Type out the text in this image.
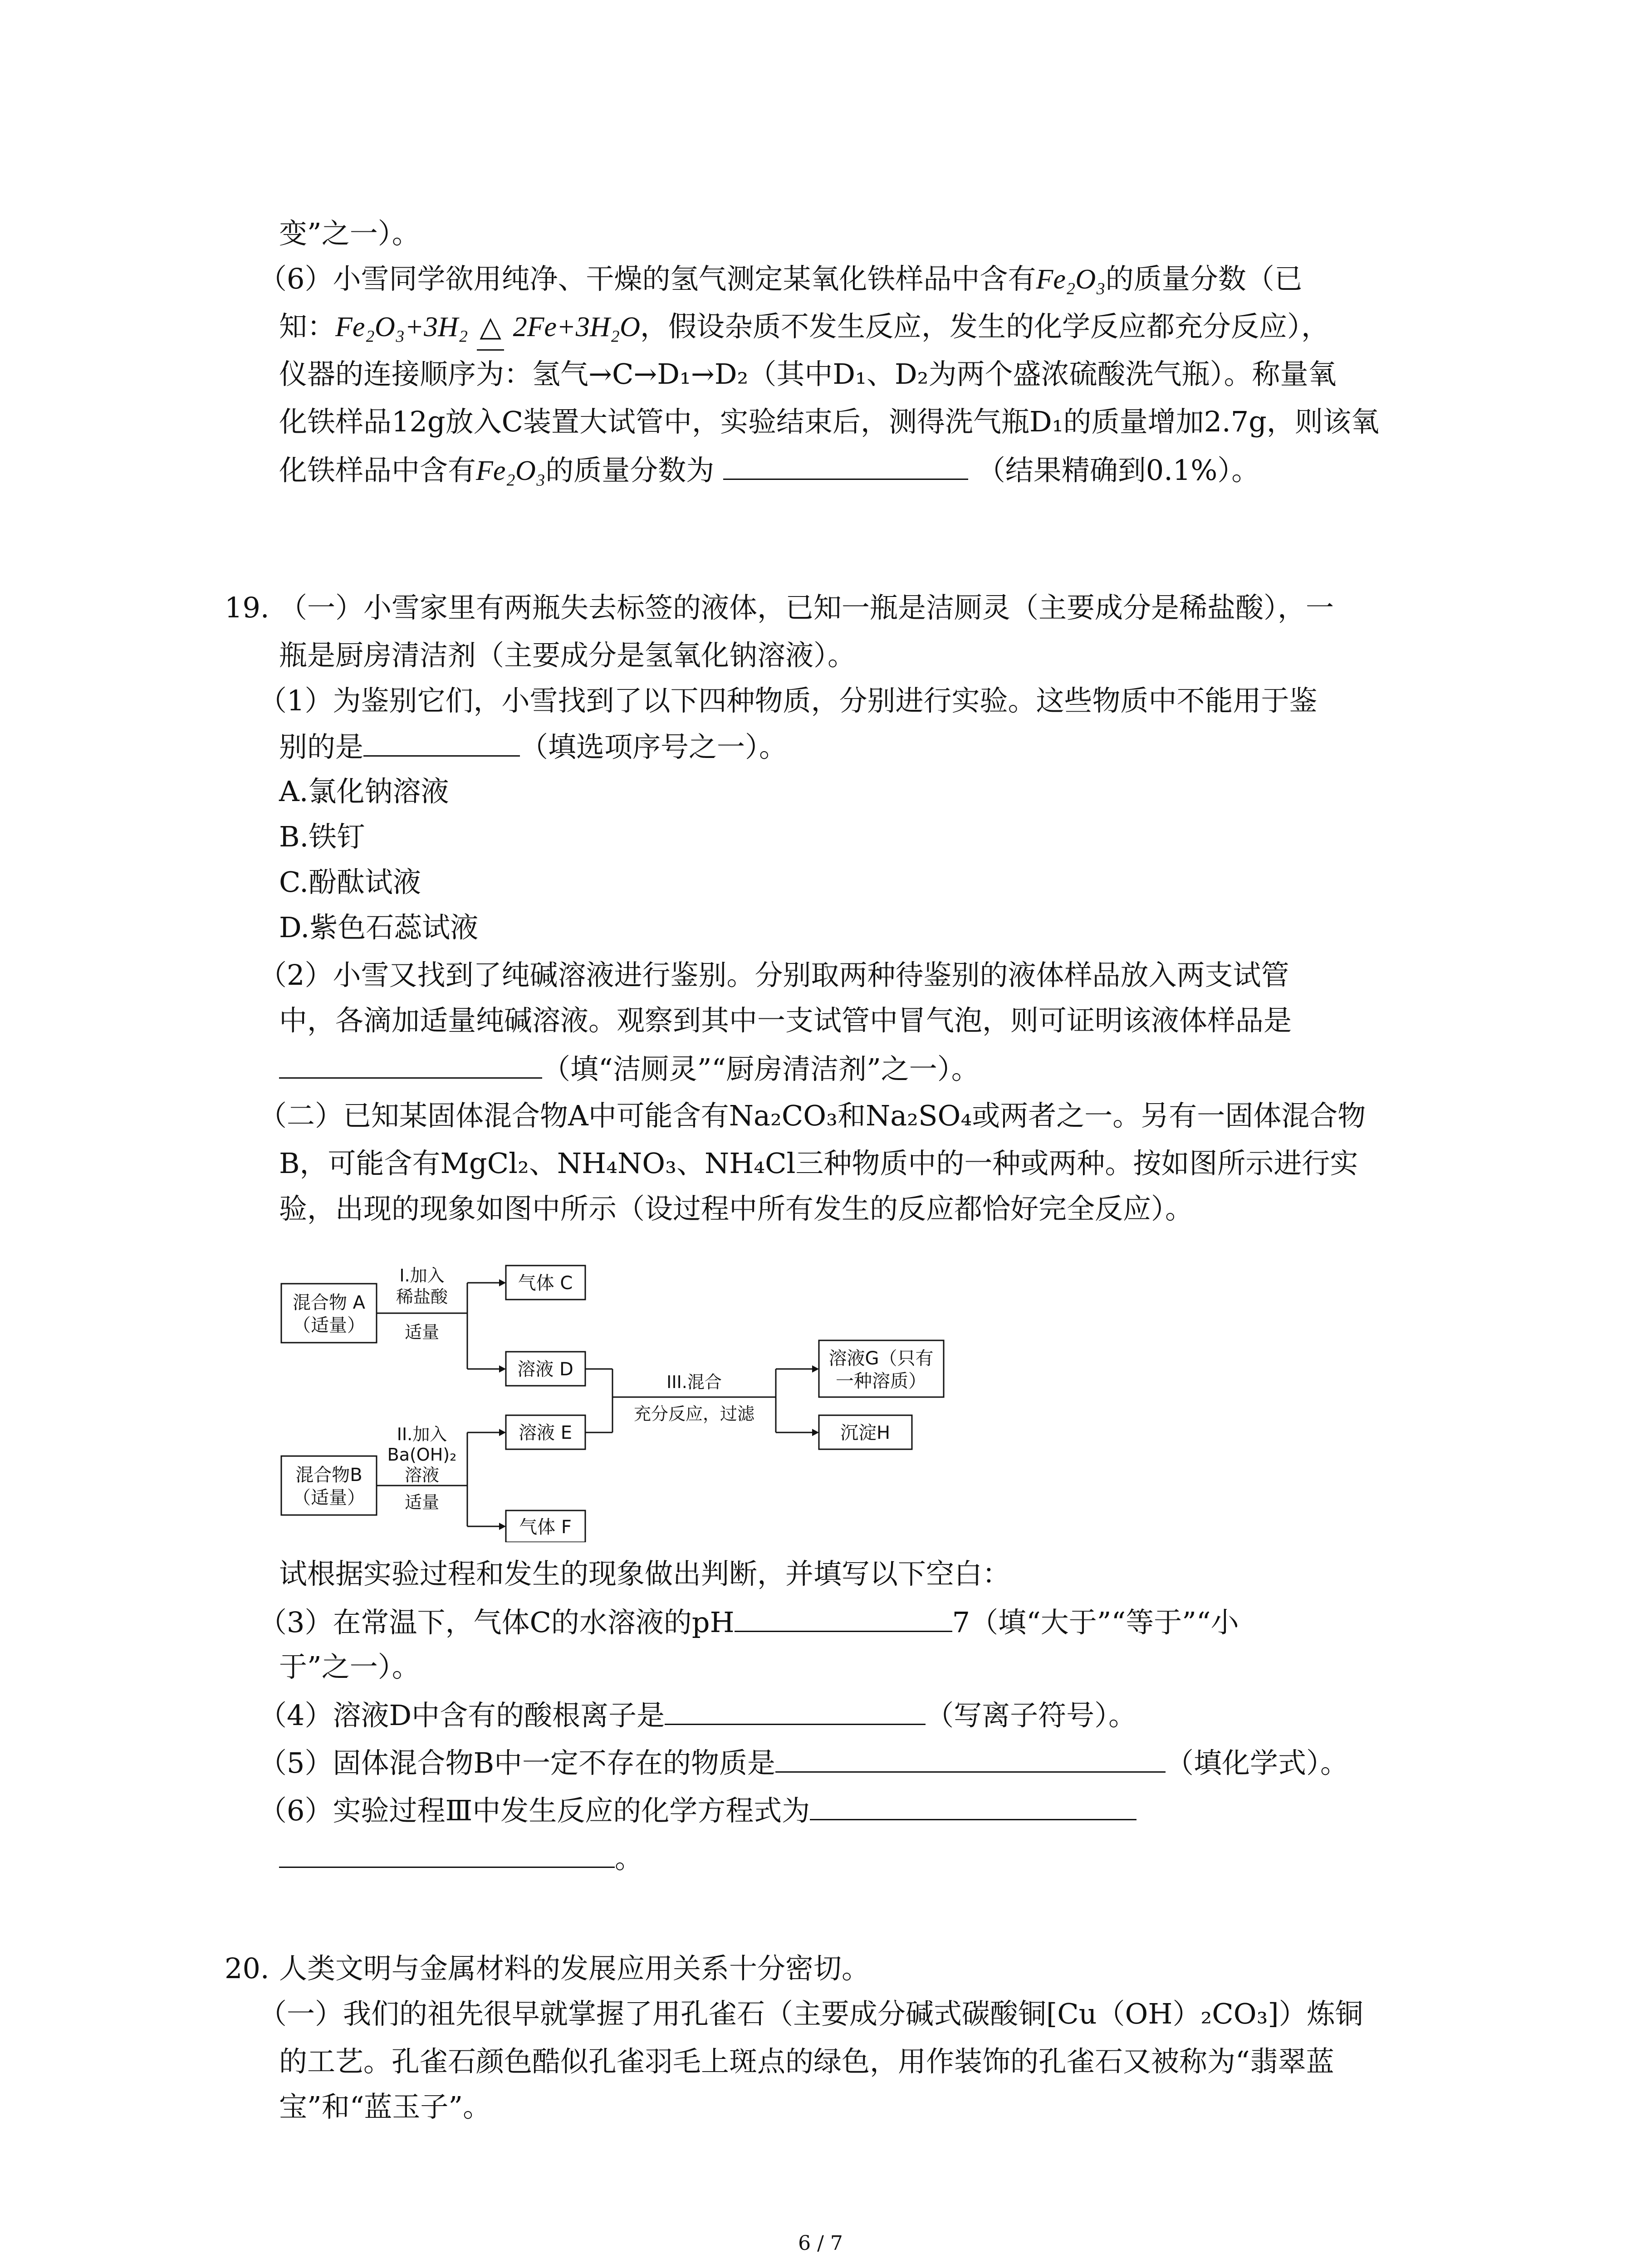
变”之一）。
（6）小雪同学欲用纯净、干燥的氢气测定某氧化铁样品中含有Fe₂O₃的质量分数（已
知：Fe₂O₃+3H₂ △ 2Fe+3H₂O，假设杂质不发生反应，发生的化学反应都充分反应），
仪器的连接顺序为：氢气→C→D₁→D₂（其中D₁、D₂为两个盛浓硫酸洗气瓶）。称量氧
化铁样品12g放入C装置大试管中，实验结束后，测得洗气瓶D₁的质量增加2.7g，则该氧
化铁样品中含有Fe₂O₃的质量分数为	（结果精确到0.1%）。
19. （一）小雪家里有两瓶失去标签的液体，已知一瓶是洁厕灵（主要成分是稀盐酸），一
瓶是厨房清洁剂（主要成分是氢氧化钠溶液）。
（1）为鉴别它们，小雪找到了以下四种物质，分别进行实验。这些物质中不能用于鉴
别的是	（填选项序号之一）。
A.氯化钠溶液
B.铁钉
C.酚酞试液
D.紫色石蕊试液
（2）小雪又找到了纯碱溶液进行鉴别。分别取两种待鉴别的液体样品放入两支试管
中，各滴加适量纯碱溶液。观察到其中一支试管中冒气泡，则可证明该液体样品是
（填“洁厕灵”“厨房清洁剂”之一）。
（二）已知某固体混合物A中可能含有Na₂CO₃和Na₂SO₄或两者之一。另有一固体混合物
B，可能含有MgCl₂、NH₄NO₃、NH₄Cl三种物质中的一种或两种。按如图所示进行实
验，出现的现象如图中所示（设过程中所有发生的反应都恰好完全反应）。
混合物 A
（适量）
I.加入
稀盐酸
适量
气体 C
溶液 D
混合物B
（适量）
II.加入
Ba(OH)₂
溶液
适量
溶液 E
气体 F
III.混合
充分反应，过滤
溶液G（只有
一种溶质）
沉淀H
试根据实验过程和发生的现象做出判断，并填写以下空白：
（3）在常温下，气体C的水溶液的pH	7（填“大于”“等于”“小
于”之一）。
（4）溶液D中含有的酸根离子是	（写离子符号）。
（5）固体混合物B中一定不存在的物质是	（填化学式）。
（6）实验过程Ⅲ中发生反应的化学方程式为
。
20. 人类文明与金属材料的发展应用关系十分密切。
（一）我们的祖先很早就掌握了用孔雀石（主要成分碱式碳酸铜[Cu（OH）₂CO₃]）炼铜
的工艺。孔雀石颜色酷似孔雀羽毛上斑点的绿色，用作装饰的孔雀石又被称为“翡翠蓝
宝”和“蓝玉子”。
6 / 7
